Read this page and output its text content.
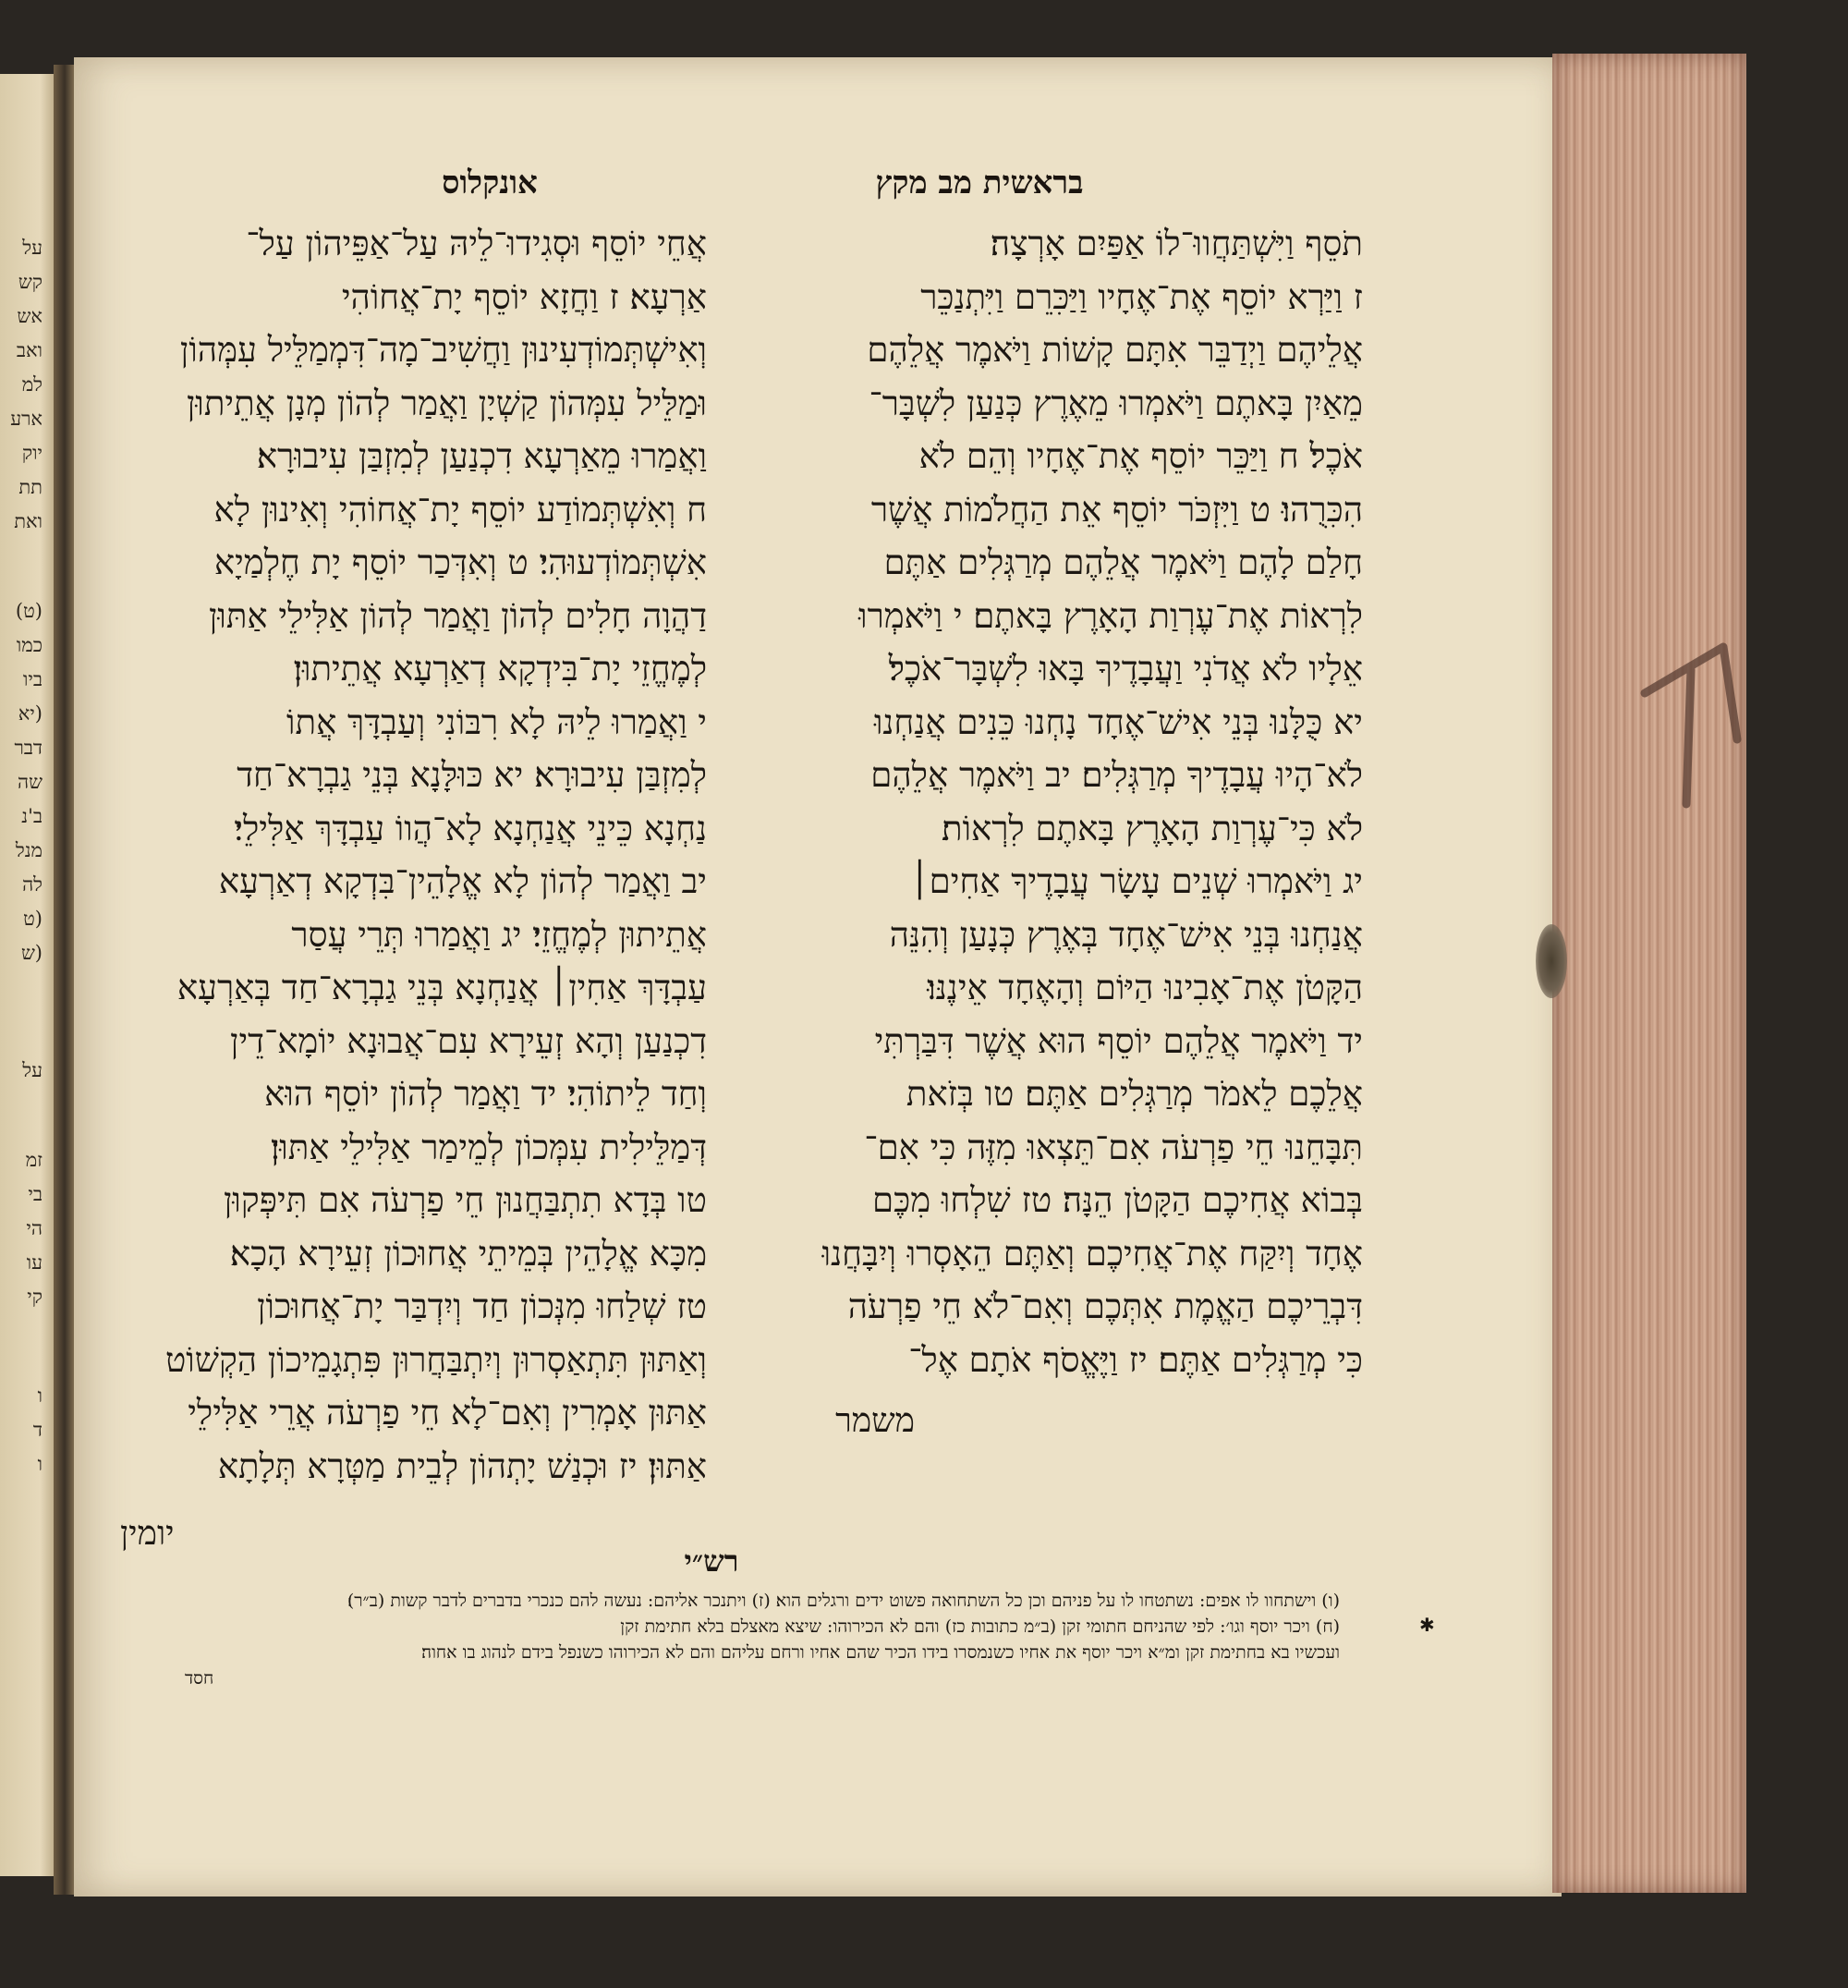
על
קש
אש
ואב
למ
ארע
יוק
תת
ואת
(ט)
כמו
ביו
(יא
דבר
שה
ב'נ
מנל
לה
(ט
(ש
על
זמ
בי
הי
עו
קי
ו
ד
ו
בראשית מב מקץ
תֹסֵף וַיִּשְׁתַּחֲווּ־לוֹ אַפַּיִם אָרְצָה׃
ז וַיַּרְא יוֹסֵף אֶת־אֶחָיו וַיַּכִּרֵם וַיִּתְנַכֵּר
אֲלֵיהֶם וַיְדַבֵּר אִתָּם קָשׁוֹת וַיֹּאמֶר אֲלֵהֶם
מֵאַיִן בָּאתֶם וַיֹּאמְרוּ מֵאֶרֶץ כְּנַעַן לִשְׁבָּר־
אֹכֶל׃ ח וַיַּכֵּר יוֹסֵף אֶת־אֶחָיו וְהֵם לֹא
הִכִּרֻהוּ׃ ט וַיִּזְכֹּר יוֹסֵף אֵת הַחֲלֹמוֹת אֲשֶׁר
חָלַם לָהֶם וַיֹּאמֶר אֲלֵהֶם מְרַגְּלִים אַתֶּם
לִרְאוֹת אֶת־עֶרְוַת הָאָרֶץ בָּאתֶם׃ י וַיֹּאמְרוּ
אֵלָיו לֹא אֲדֹנִי וַעֲבָדֶיךָ בָּאוּ לִשְׁבָּר־אֹכֶל׃
יא כֻּלָּנוּ בְּנֵי אִישׁ־אֶחָד נָחְנוּ כֵּנִים אֲנַחְנוּ
לֹא־הָיוּ עֲבָדֶיךָ מְרַגְּלִים׃ יב וַיֹּאמֶר אֲלֵהֶם
לֹא כִּי־עֶרְוַת הָאָרֶץ בָּאתֶם לִרְאוֹת׃
יג וַיֹּאמְרוּ שְׁנֵים עָשָׂר עֲבָדֶיךָ אַחִים׀
אֲנַחְנוּ בְּנֵי אִישׁ־אֶחָד בְּאֶרֶץ כְּנָעַן וְהִנֵּה
הַקָּטֹן אֶת־אָבִינוּ הַיּוֹם וְהָאֶחָד אֵינֶנּוּ׃
יד וַיֹּאמֶר אֲלֵהֶם יוֹסֵף הוּא אֲשֶׁר דִּבַּרְתִּי
אֲלֵכֶם לֵאמֹר מְרַגְּלִים אַתֶּם׃ טו בְּזֹאת
תִּבָּחֵנוּ חֵי פַרְעֹה אִם־תֵּצְאוּ מִזֶּה כִּי אִם־
בְּבוֹא אֲחִיכֶם הַקָּטֹן הֵנָּה׃ טז שִׁלְחוּ מִכֶּם
אֶחָד וְיִקַּח אֶת־אֲחִיכֶם וְאַתֶּם הֵאָסְרוּ וְיִבָּחֲנוּ
דִּבְרֵיכֶם הַאֱמֶת אִתְּכֶם וְאִם־לֹא חֵי פַרְעֹה
כִּי מְרַגְּלִים אַתֶּם׃ יז וַיֶּאֱסֹף אֹתָם אֶל־
משמר
אונקלוס
אֲחֵי יוֹסֵף וּסְגִידוּ־לֵיהּ עַל־אַפֵּיהוֹן עַל־
אַרְעָא׃ ז וַחֲזָא יוֹסֵף יָת־אֲחוֹהִי
וְאִישְׁתְּמוֹדְעִינוּן וַחֲשִׁיב־מָה־דִּמְמַלֵּיל עִמְּהוֹן
וּמַלֵּיל עִמְּהוֹן קַשְׁיָן וַאֲמַר לְהוֹן מְנָן אֲתֵיתוּן
וַאֲמַרוּ מֵאַרְעָא דִכְנַעַן לְמִזְבַּן עִיבוּרָא׃
ח וְאִשְׁתְּמוֹדַע יוֹסֵף יָת־אֲחוֹהִי וְאִינוּן לָא
אִשְׁתְּמוֹדְעוּהִי׃ ט וְאִדְּכַר יוֹסֵף יָת חֶלְמַיָא
דַהֲוָה חָלִים לְהוֹן וַאֲמַר לְהוֹן אַלִּילֵי אַתּוּן
לְמֶחֱזֵי יָת־בִּידְקָא דְאַרְעָא אֲתֵיתוּן׃
י וַאֲמַרוּ לֵיהּ לָא רִבּוֹנִי וְעַבְדָּךְ אֲתוֹ
לְמִזְבַּן עִיבוּרָא׃ יא כּוּלָּנָא בְּנֵי גַבְרָא־חַד
נַחְנָא כֵּינֵי אֲנַחְנָא לָא־הֲווֹ עַבְדָּךְ אַלִּילֵי׃
יב וַאֲמַר לְהוֹן לָא אֱלָהֵין־בִּדְקָא דְאַרְעָא
אֲתֵיתוּן לְמֶחֱזֵי׃ יג וַאֲמַרוּ תְּרֵי עֲסַר
עַבְדָּךְ אַחִין׀ אֲנַחְנָא בְּנֵי גַבְרָא־חַד בְּאַרְעָא
דִכְנַעַן וְהָא זְעֵירָא עִם־אֲבוּנָא יוֹמָא־דֵין
וְחַד לֵיתוֹהִי׃ יד וַאֲמַר לְהוֹן יוֹסֵף הוּא
דְּמַלֵּילִית עִמְּכוֹן לְמֵימַר אַלִּילֵי אַתּוּן׃
טו בְּדָא תִתְבַּחֲנוּן חֵי פַרְעֹה אִם תִּיפְּקוּן
מִכָּא אֱלָהֵין בְּמֵיתֵי אֲחוּכוֹן זְעֵירָא הָכָא׃
טז שְׁלַחוּ מִנְּכוֹן חַד וְיִדְבַּר יָת־אֲחוּכוֹן
וְאַתּוּן תִּתְאַסְרוּן וְיִתְבַּחֲרוּן פִּתְגָמֵיכוֹן הַקְשׁוֹט
אַתּוּן אָמְרִין וְאִם־לָא חֵי פַרְעֹה אֲרֵי אַלִּילֵי
אַתּוּן׃ יז וּכְנַשׁ יָתְהוֹן לְבֵית מַטְּרָא תְּלָתָא
יומין
רש״י
(ו) וישתחוו לו אפים: נשתטחו לו על פניהם וכן כל השתחואה פשוט ידים ורגלים הוא׃ (ז) ויתנכר אליהם: נעשה להם כנכרי בדברים לדבר קשות (ב״ר)׃
(ח) ויכר יוסף וגו׳: לפי שהניחם חתומי זקן (ב״מ כתובות כז) והם לא הכירוהו: שיצא מאצלם בלא חתימת זקן
ועכשיו בא בחתימת זקן ומ״א ויכר יוסף את אחיו כשנמסרו בידו הכיר שהם אחיו ורחם עליהם והם לא הכירוהו כשנפל בידם לנהוג בו אחוה׃
חסד
✱
